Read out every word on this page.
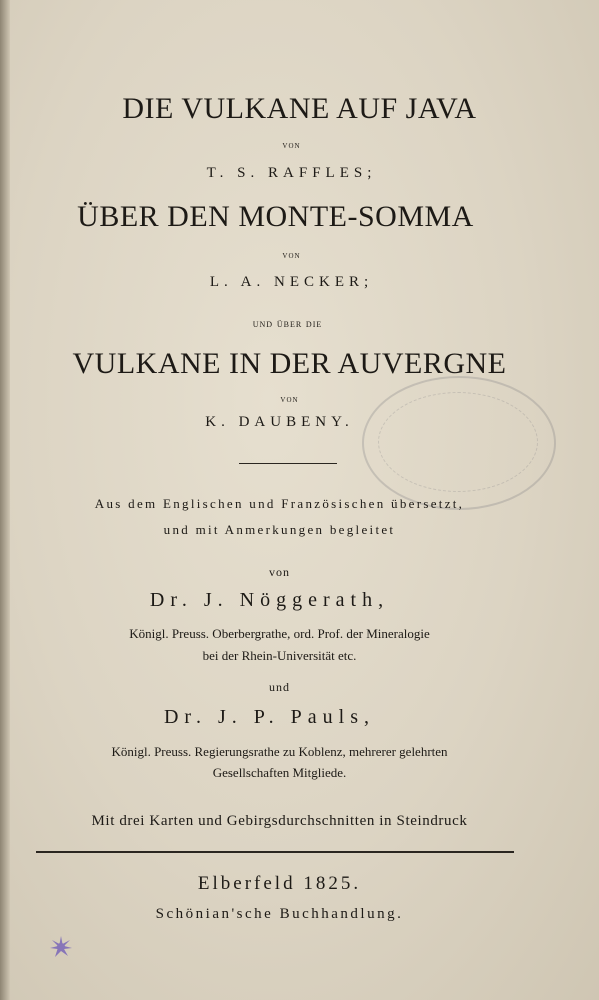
DIE VULKANE AUF JAVA
von
T. S. RAFFLES;
ÜBER DEN MONTE-SOMMA
von
L. A. NECKER;
und über die
VULKANE IN DER AUVERGNE
von
K. DAUBENY.
Aus dem Englischen und Französischen übersetzt,
und mit Anmerkungen begleitet
von
Dr. J. Nöggerath,
Königl. Preuss. Oberbergrathe, ord. Prof. der Mineralogie
bei der Rhein-Universität etc.
und
Dr. J. P. Pauls,
Königl. Preuss. Regierungsrathe zu Koblenz, mehrerer gelehrten
Gesellschaften Mitgliede.
Mit drei Karten und Gebirgsdurchschnitten in Steindruck
Elberfeld 1825.
Schönian'sche Buchhandlung.
